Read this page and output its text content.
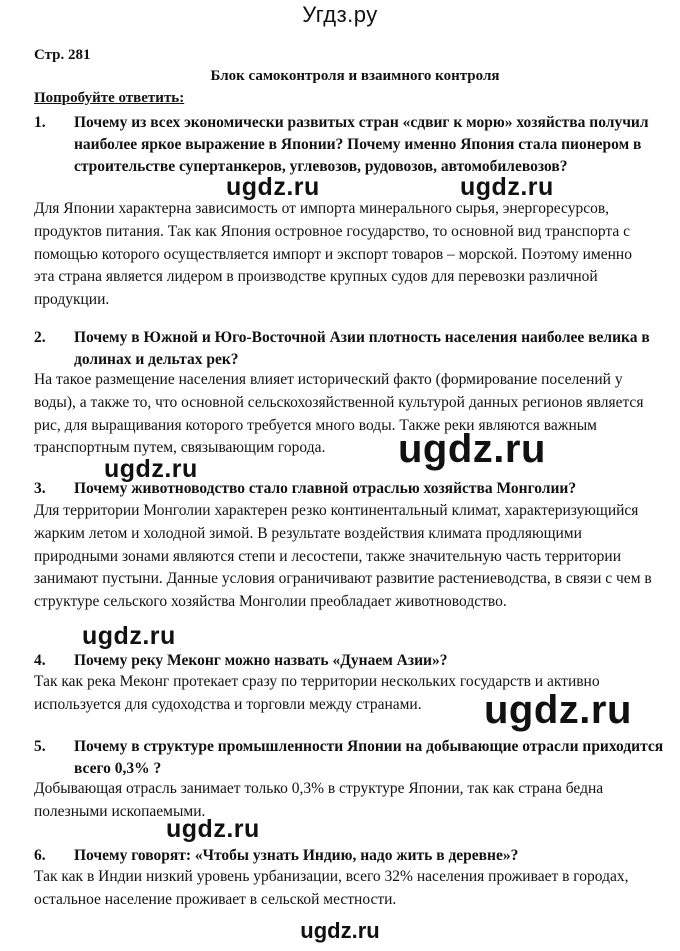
Угдз.ру
Стр. 281
Блок самоконтроля и взаимного контроля
Попробуйте ответить:
1. Почему из всех экономически развитых стран «сдвиг к морю» хозяйства получил наиболее яркое выражение в Японии? Почему именно Япония стала пионером в строительстве супертанкеров, углевозов, рудовозов, автомобилевозов?
Для Японии характерна зависимость от импорта минерального сырья, энергоресурсов, продуктов питания. Так как Япония островное государство, то основной вид транспорта с помощью которого осуществляется импорт и экспорт товаров – морской. Поэтому именно эта страна является лидером в производстве крупных судов для перевозки различной продукции.
2. Почему в Южной и Юго-Восточной Азии плотность населения наиболее велика в долинах и дельтах рек?
На такое размещение населения влияет исторический факто (формирование поселений у воды), а также то, что основной сельскохозяйственной культурой данных регионов является рис, для выращивания которого требуется много воды. Также реки являются важным транспортным путем, связывающим города.
3. Почему животноводство стало главной отраслью хозяйства Монголии?
Для территории Монголии характерен резко континентальный климат, характеризующийся жарким летом и холодной зимой. В результате воздействия климата продляющими природными зонами являются степи и лесостепи, также значительную часть территории занимают пустыни. Данные условия ограничивают развитие растениеводства, в связи с чем в структуре сельского хозяйства Монголии преобладает животноводство.
4. Почему реку Меконг можно назвать «Дунаем Азии»?
Так как река Меконг протекает сразу по территории нескольких государств и активно используется для судоходства и торговли между странами.
5. Почему в структуре промышленности Японии на добывающие отрасли приходится всего 0,3% ?
Добывающая отрасль занимает только 0,3% в структуре Японии, так как страна бедна полезными ископаемыми.
6. Почему говорят: «Чтобы узнать Индию, надо жить в деревне»?
Так как в Индии низкий уровень урбанизации, всего 32% населения проживает в городах, остальное население проживает в сельской местности.
ugdz.ru	ugdz.ru
ugdz.ru
ugdz.ru
ugdz.ru
ugdz.ru
ugdz.ru
ugdz.ru
